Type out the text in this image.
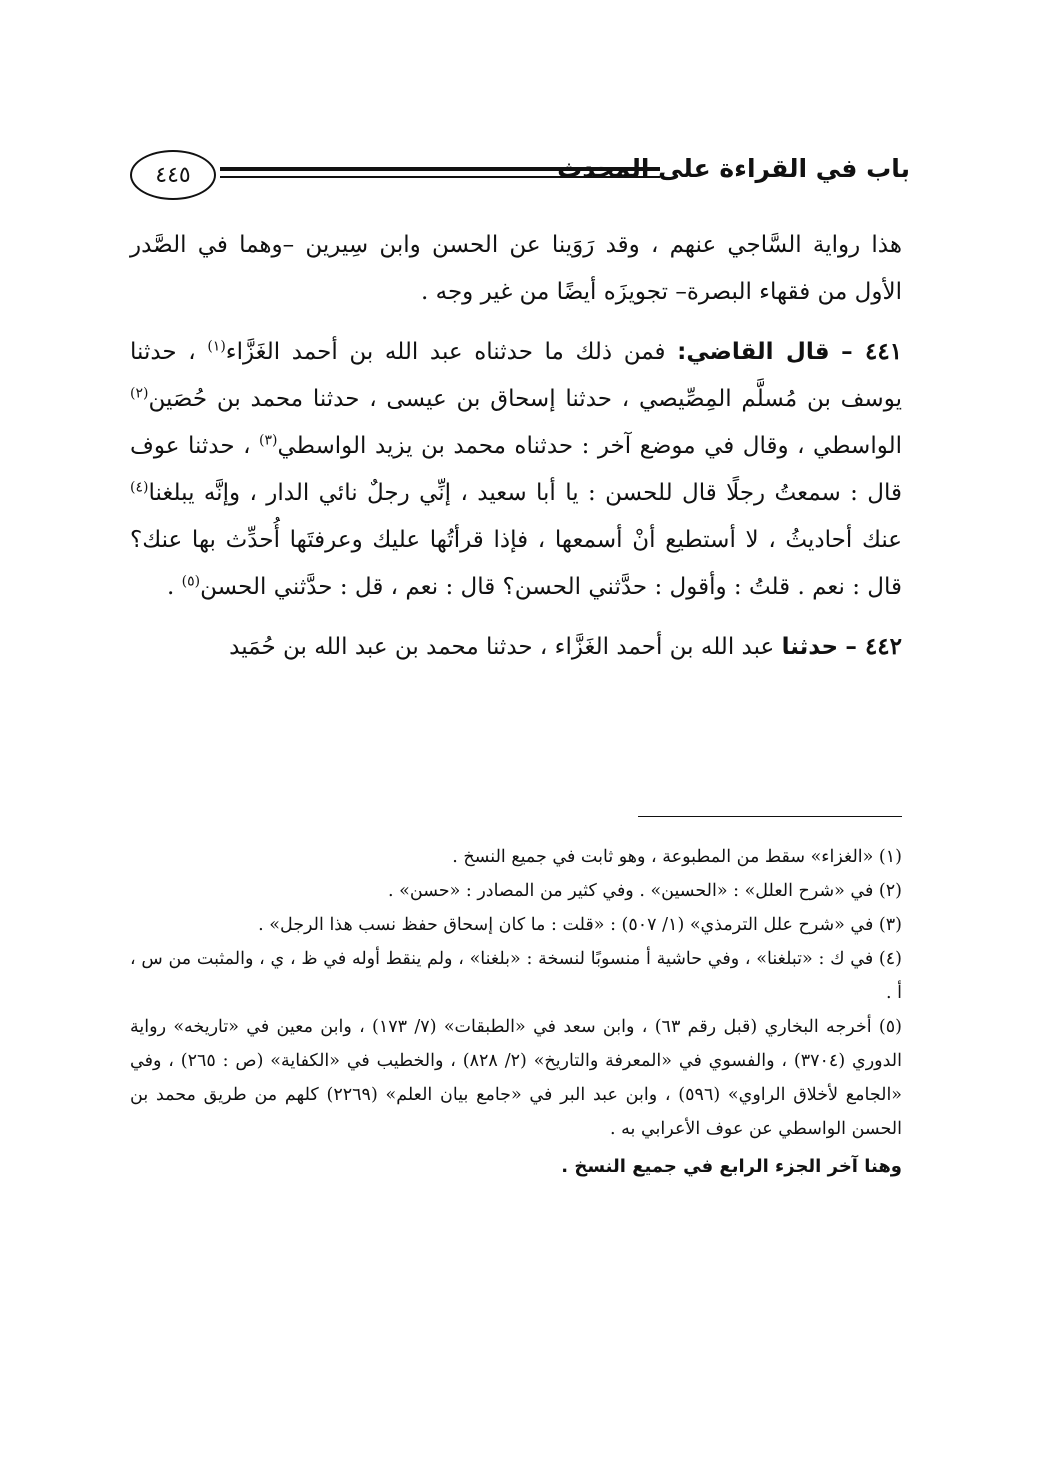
باب في القراءة على المحدث
٤٤٥

هذا رواية السَّاجي عنهم ، وقد رَوَينا عن الحسن وابن سِيرين –وهما في الصَّدر الأول من فقهاء البصرة– تجويزَه أيضًا من غير وجه .

٤٤١ – قال القاضي: فمن ذلك ما حدثناه عبد الله بن أحمد الغَزَّاء$^{(١)}$ ، حدثنا يوسف بن مُسلَّم المِصِّيصي ، حدثنا إسحاق بن عيسى ، حدثنا محمد بن حُصَين$^{(٢)}$ الواسطي ، وقال في موضع آخر : حدثناه محمد بن يزيد الواسطي$^{(٣)}$ ، حدثنا عوف قال : سمعتُ رجلًا قال للحسن : يا أبا سعيد ، إنِّي رجلٌ نائي الدار ، وإنَّه يبلغنا$^{(٤)}$ عنك أحاديثُ ، لا أستطيع أنْ أسمعها ، فإذا قرأتُها عليك وعرفتَها أُحدِّث بها عنك؟ قال : نعم . قلتُ : وأقول : حدَّثني الحسن؟ قال : نعم ، قل : حدَّثني الحسن$^{(٥)}$ .

٤٤٢ – حدثنا عبد الله بن أحمد الغَزَّاء ، حدثنا محمد بن عبد الله بن حُمَيد

(١) «الغزاء» سقط من المطبوعة ، وهو ثابت في جميع النسخ .

(٢) في «شرح العلل» : «الحسين» . وفي كثير من المصادر : «حسن» .

(٣) في «شرح علل الترمذي» (١/ ٥٠٧) : «قلت : ما كان إسحاق حفظ نسب هذا الرجل» .

(٤) في ك : «تبلغنا» ، وفي حاشية أ منسوبًا لنسخة : «بلغنا» ، ولم ينقط أوله في ظ ، ي ، والمثبت من س ، أ .

(٥) أخرجه البخاري (قبل رقم ٦٣) ، وابن سعد في «الطبقات» (٧/ ١٧٣) ، وابن معين في «تاريخه» رواية الدوري (٣٧٠٤) ، والفسوي في «المعرفة والتاريخ» (٢/ ٨٢٨) ، والخطيب في «الكفاية» (ص : ٢٦٥) ، وفي «الجامع لأخلاق الراوي» (٥٩٦) ، وابن عبد البر في «جامع بيان العلم» (٢٢٦٩) كلهم من طريق محمد بن الحسن الواسطي عن عوف الأعرابي به .

وهنا آخر الجزء الرابع في جميع النسخ .
